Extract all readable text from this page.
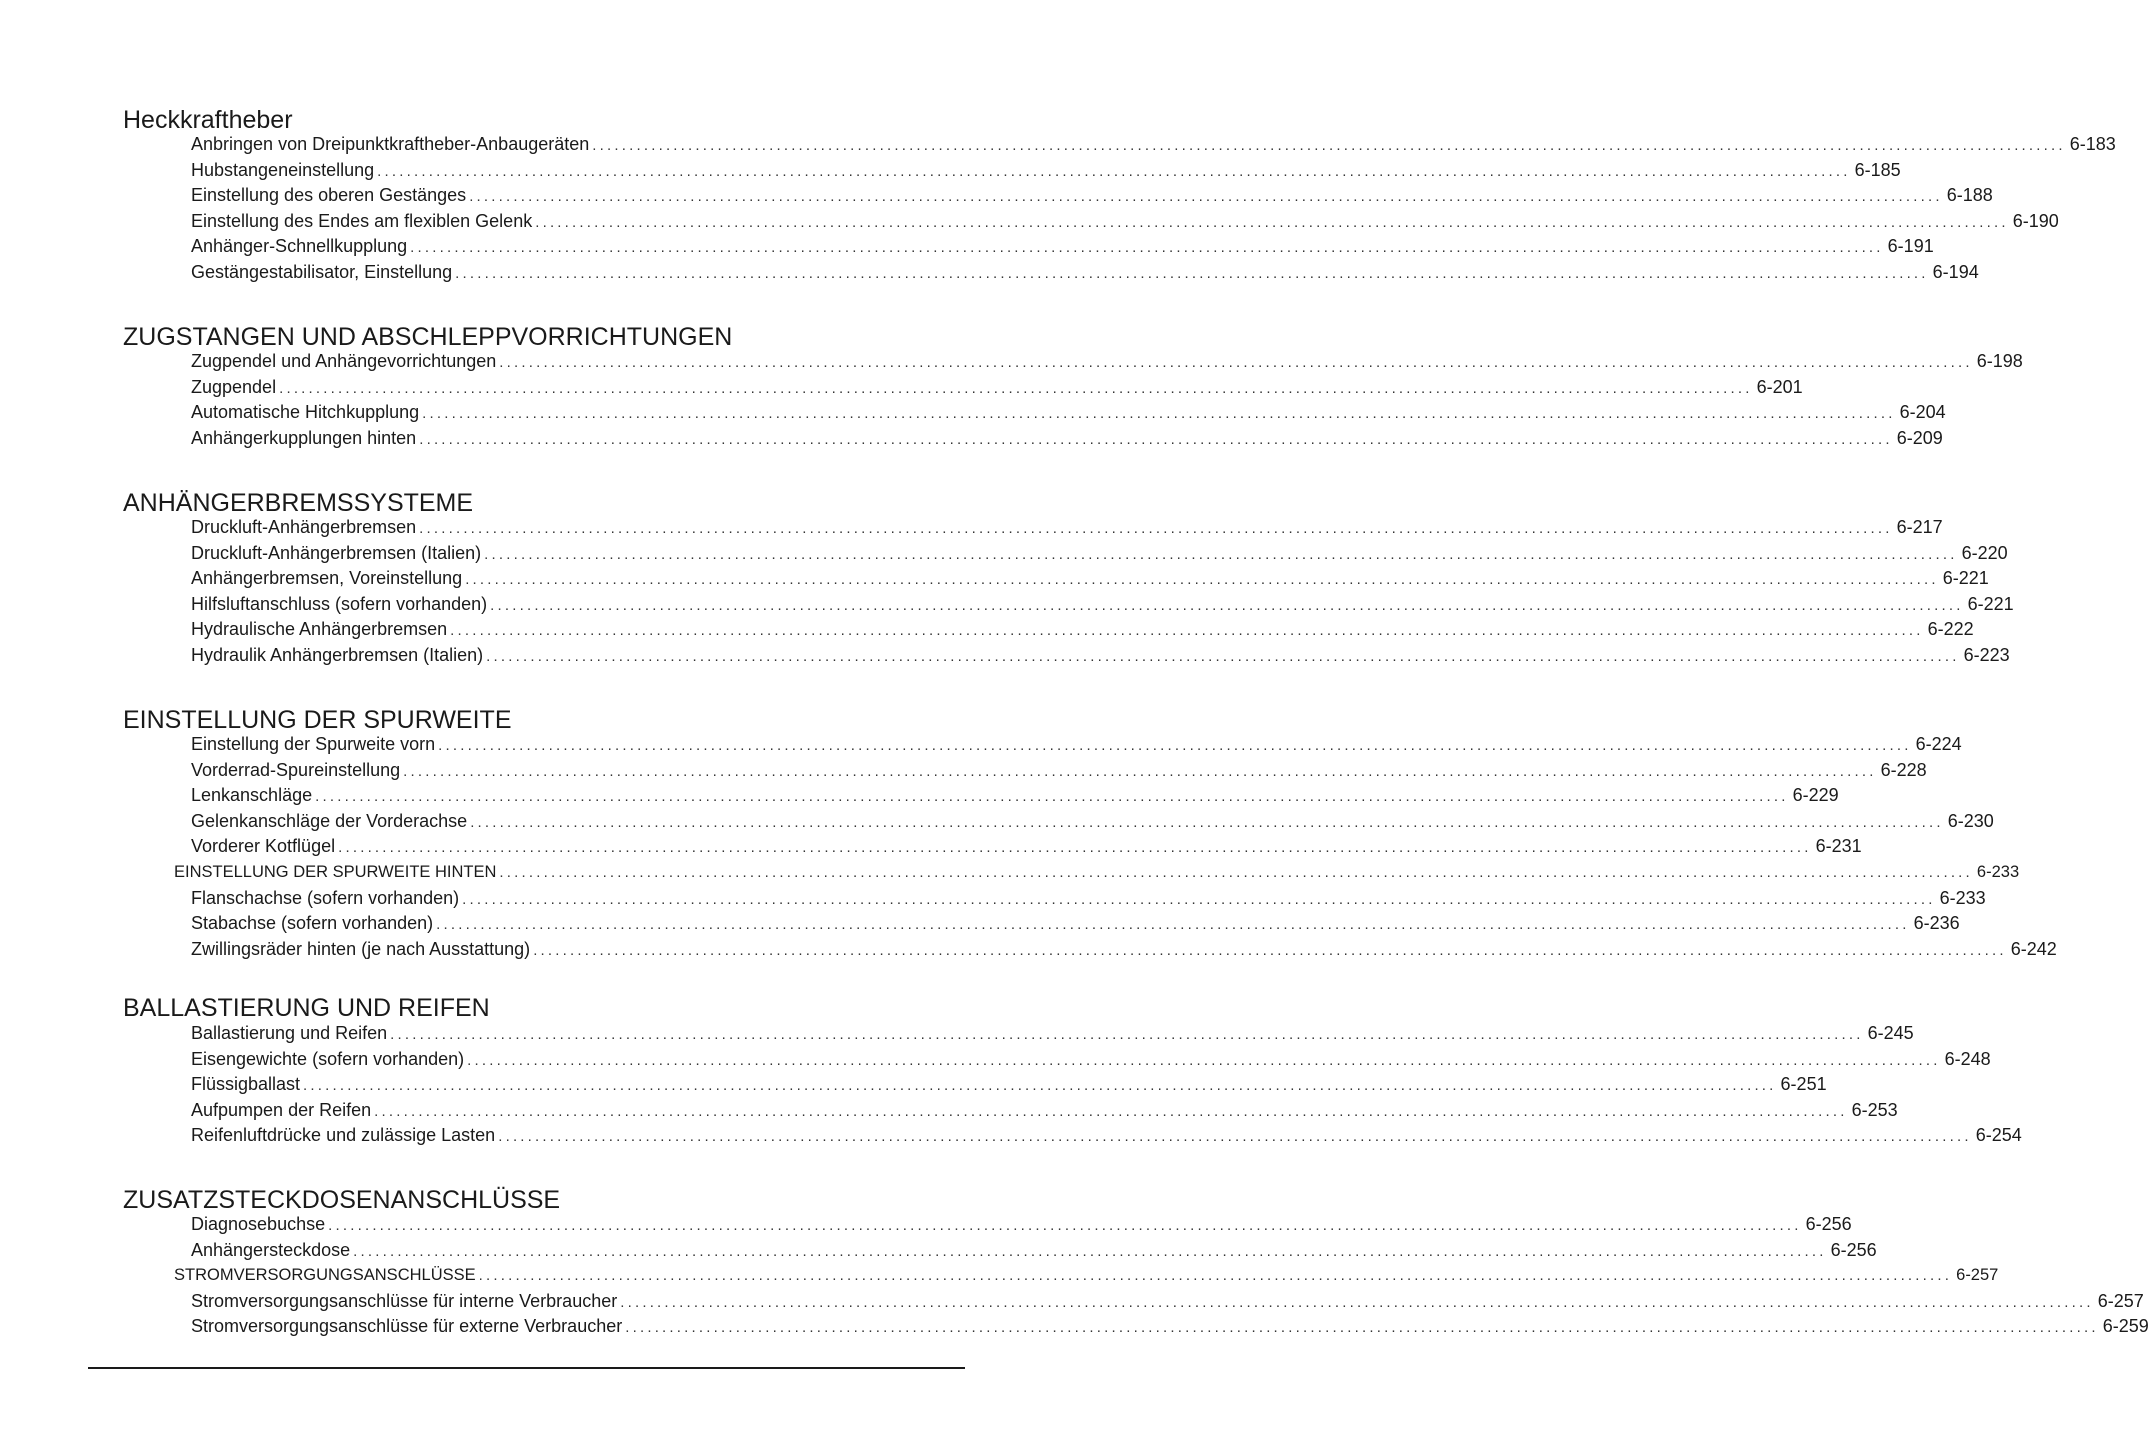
Heckkraftheber
Anbringen von Dreipunktkraftheber-Anbaugeräten ........................................................................................................................................................................................................ 6-183
Hubstangeneinstellung ........................................................................................................................................................................................................ 6-185
Einstellung des oberen Gestänges ........................................................................................................................................................................................................ 6-188
Einstellung des Endes am flexiblen Gelenk ........................................................................................................................................................................................................ 6-190
Anhänger-Schnellkupplung ........................................................................................................................................................................................................ 6-191
Gestängestabilisator, Einstellung ........................................................................................................................................................................................................ 6-194
ZUGSTANGEN UND ABSCHLEPPVORRICHTUNGEN
Zugpendel und Anhängevorrichtungen ........................................................................................................................................................................................................ 6-198
Zugpendel ........................................................................................................................................................................................................ 6-201
Automatische Hitchkupplung ........................................................................................................................................................................................................ 6-204
Anhängerkupplungen hinten ........................................................................................................................................................................................................ 6-209
ANHÄNGERBREMSSYSTEME
Druckluft-Anhängerbremsen ........................................................................................................................................................................................................ 6-217
Druckluft-Anhängerbremsen (Italien) ........................................................................................................................................................................................................ 6-220
Anhängerbremsen, Voreinstellung ........................................................................................................................................................................................................ 6-221
Hilfsluftanschluss (sofern vorhanden) ........................................................................................................................................................................................................ 6-221
Hydraulische Anhängerbremsen ........................................................................................................................................................................................................ 6-222
Hydraulik Anhängerbremsen (Italien) ........................................................................................................................................................................................................ 6-223
EINSTELLUNG DER SPURWEITE
Einstellung der Spurweite vorn ........................................................................................................................................................................................................ 6-224
Vorderrad-Spureinstellung ........................................................................................................................................................................................................ 6-228
Lenkanschläge ........................................................................................................................................................................................................ 6-229
Gelenkanschläge der Vorderachse ........................................................................................................................................................................................................ 6-230
Vorderer Kotflügel ........................................................................................................................................................................................................ 6-231
EINSTELLUNG DER SPURWEITE HINTEN ........................................................................................................................................................................................................ 6-233
Flanschachse (sofern vorhanden) ........................................................................................................................................................................................................ 6-233
Stabachse (sofern vorhanden) ........................................................................................................................................................................................................ 6-236
Zwillingsräder hinten (je nach Ausstattung) ........................................................................................................................................................................................................ 6-242
BALLASTIERUNG UND REIFEN
Ballastierung und Reifen ........................................................................................................................................................................................................ 6-245
Eisengewichte (sofern vorhanden) ........................................................................................................................................................................................................ 6-248
Flüssigballast ........................................................................................................................................................................................................ 6-251
Aufpumpen der Reifen ........................................................................................................................................................................................................ 6-253
Reifenluftdrücke und zulässige Lasten ........................................................................................................................................................................................................ 6-254
ZUSATZSTECKDOSENANSCHLÜSSE
Diagnosebuchse ........................................................................................................................................................................................................ 6-256
Anhängersteckdose ........................................................................................................................................................................................................ 6-256
STROMVERSORGUNGSANSCHLÜSSE ........................................................................................................................................................................................................ 6-257
Stromversorgungsanschlüsse für interne Verbraucher ........................................................................................................................................................................................................ 6-257
Stromversorgungsanschlüsse für externe Verbraucher ........................................................................................................................................................................................................ 6-259
